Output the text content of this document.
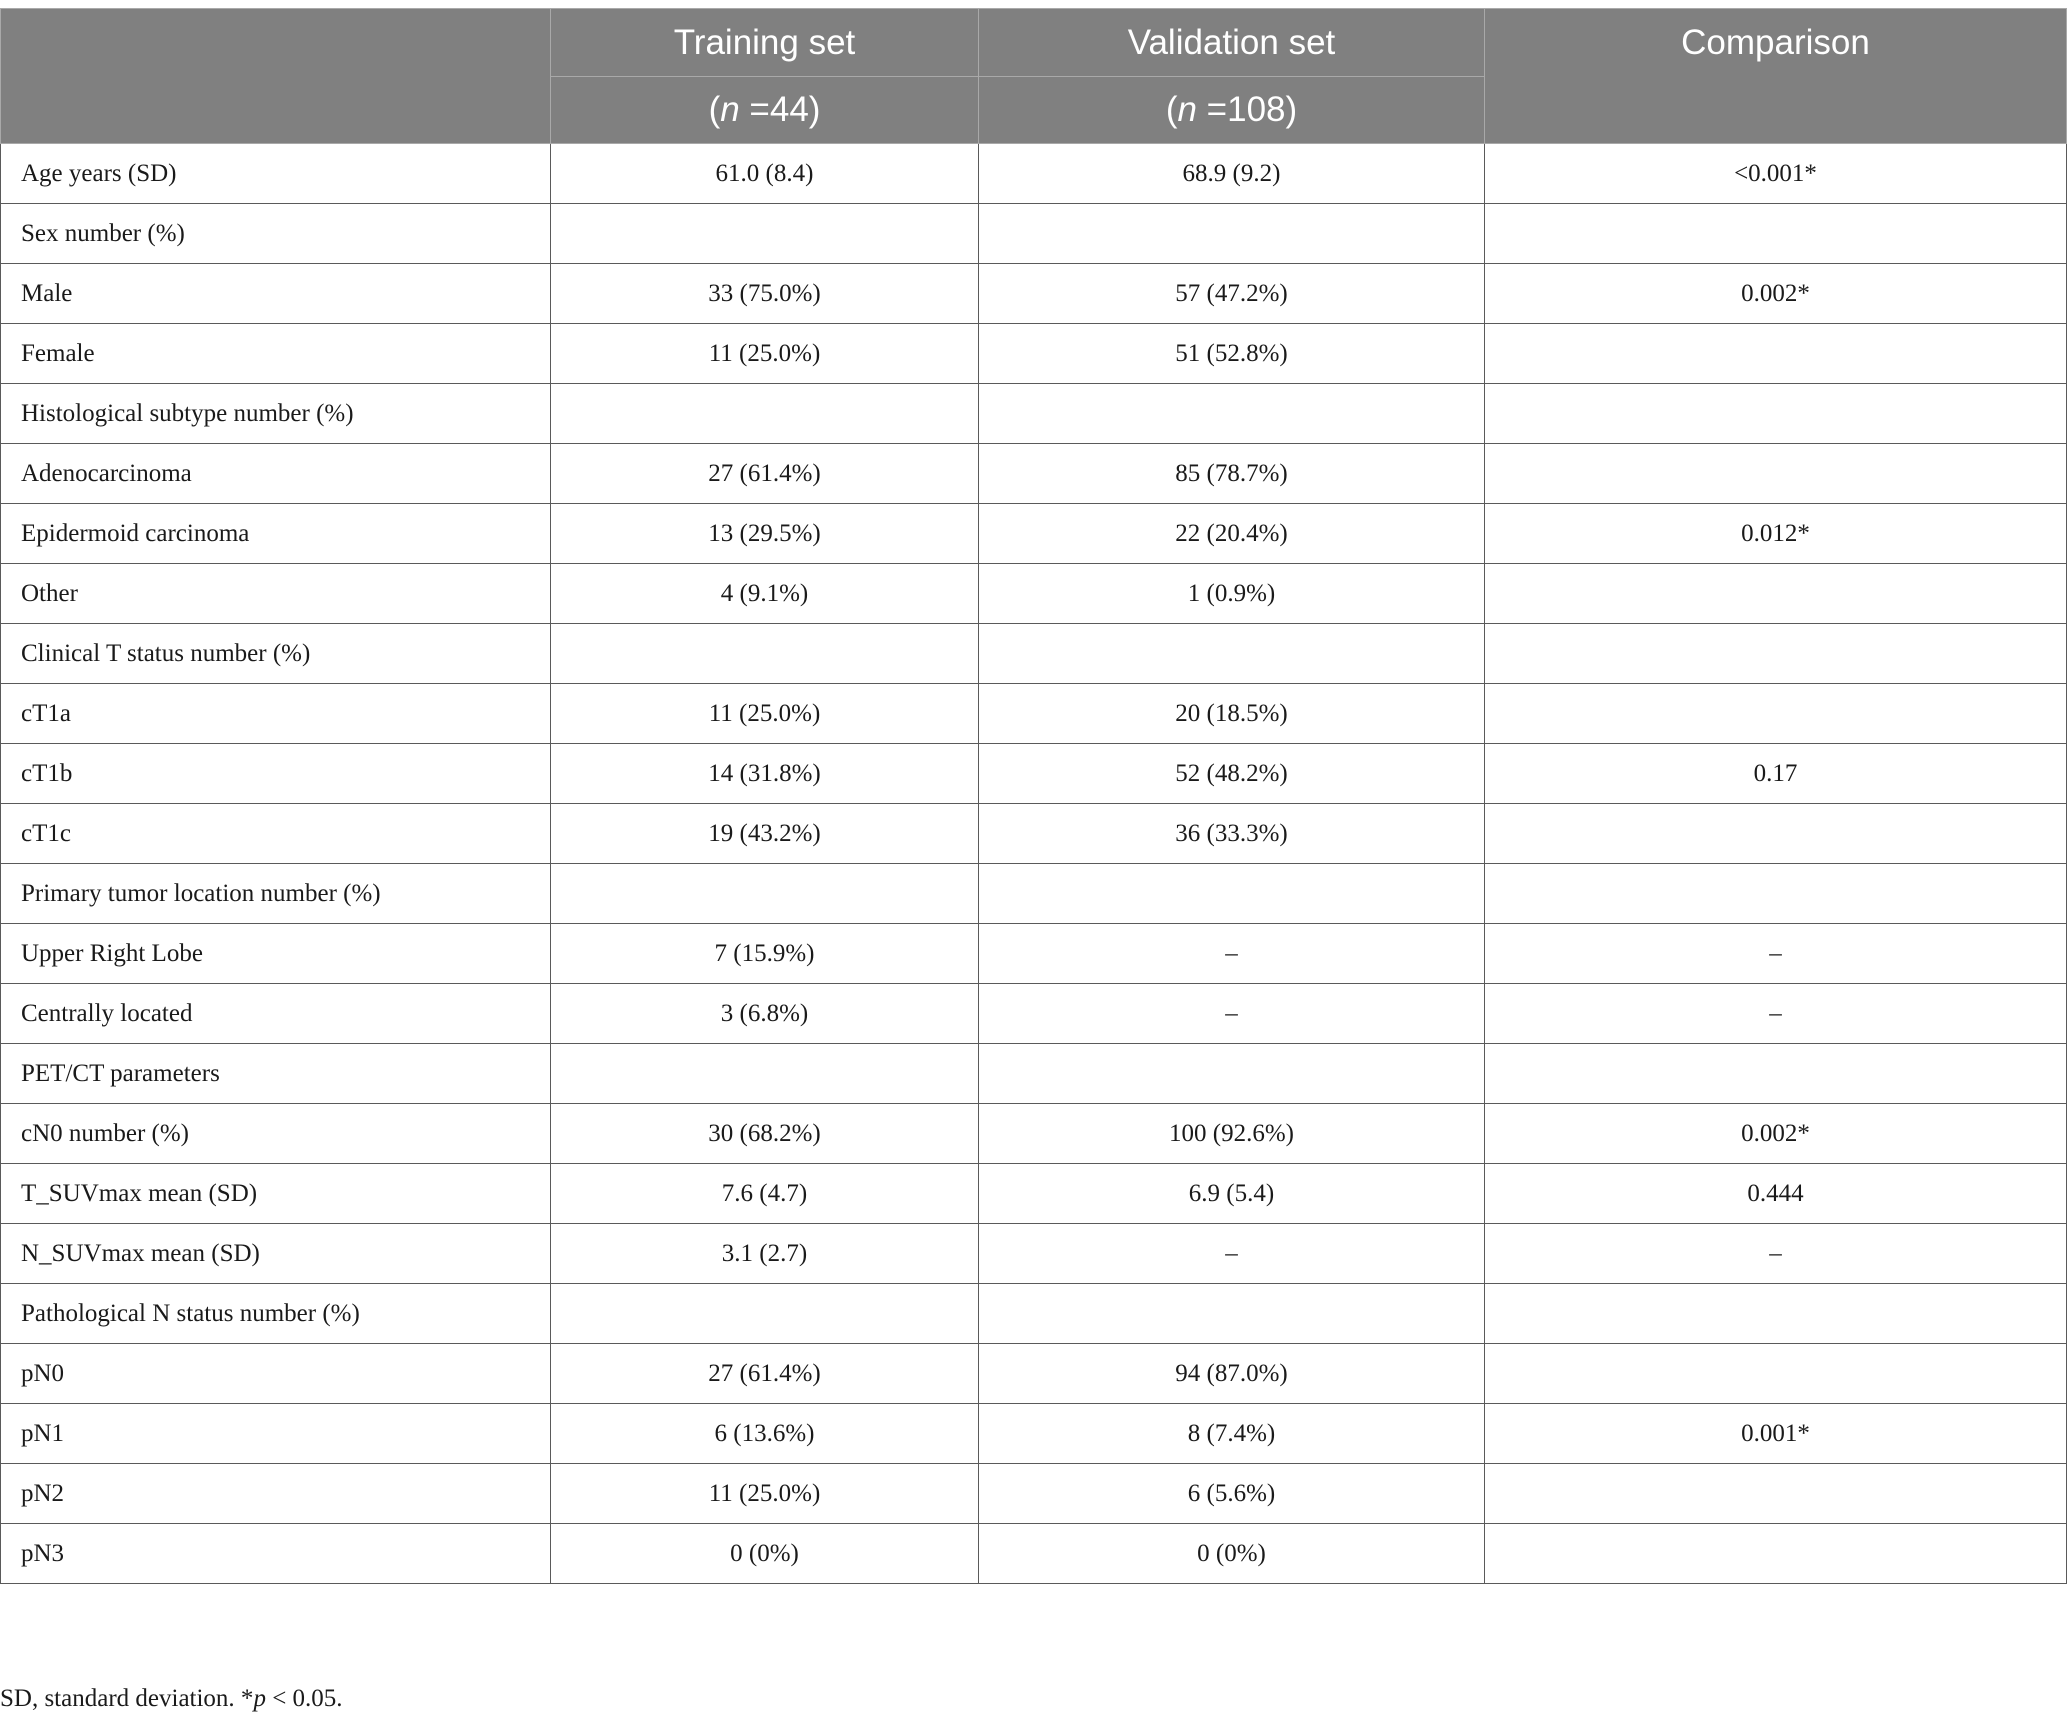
	Training set	Validation set	Comparison
	(n =44)	(n =108)	
Age years (SD)	61.0 (8.4)	68.9 (9.2)	<0.001*
Sex number (%)			
Male	33 (75.0%)	57 (47.2%)	0.002*
Female	11 (25.0%)	51 (52.8%)	
Histological subtype number (%)			
Adenocarcinoma	27 (61.4%)	85 (78.7%)	
Epidermoid carcinoma	13 (29.5%)	22 (20.4%)	0.012*
Other	4 (9.1%)	1 (0.9%)	
Clinical T status number (%)			
cT1a	11 (25.0%)	20 (18.5%)	
cT1b	14 (31.8%)	52 (48.2%)	0.17
cT1c	19 (43.2%)	36 (33.3%)	
Primary tumor location number (%)			
Upper Right Lobe	7 (15.9%)	–	–
Centrally located	3 (6.8%)	–	–
PET/CT parameters			
cN0 number (%)	30 (68.2%)	100 (92.6%)	0.002*
T_SUVmax mean (SD)	7.6 (4.7)	6.9 (5.4)	0.444
N_SUVmax mean (SD)	3.1 (2.7)	–	–
Pathological N status number (%)			
pN0	27 (61.4%)	94 (87.0%)	
pN1	6 (13.6%)	8 (7.4%)	0.001*
pN2	11 (25.0%)	6 (5.6%)	
pN3	0 (0%)	0 (0%)	
SD, standard deviation. *p < 0.05.
